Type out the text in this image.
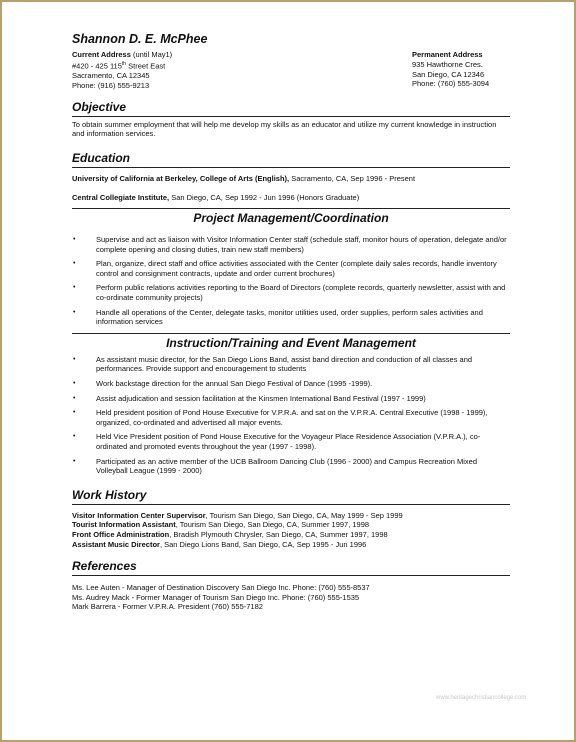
Shannon D. E. McPhee
Current Address (until May1)
#420 - 425 115th Street East
Sacramento, CA 12345
Phone: (916) 555-9213
Permanent Address
935 Hawthorne Cres.
San Diego, CA 12346
Phone: (760) 555-3094
Objective

To obtain summer employment that will help me develop my skills as an educator and utilize my current knowledge in instruction and information services.

Education

University of California at Berkeley, College of Arts (English), Sacramento, CA, Sep 1996 - Present

Central Collegiate Institute, San Diego, CA, Sep 1992 - Jun 1996 (Honors Graduate)

Project Management/Coordination
•	Supervise and act as liaison with Visitor Information Center staff (schedule staff, monitor hours of operation, delegate and/or complete opening and closing duties, train new staff members)
•	Plan, organize, direct staff and office activities associated with the Center (complete daily sales records, handle inventory control and consignment contracts, update and order current brochures)
•	Perform public relations activities reporting to the Board of Directors (complete records, quarterly newsletter, assist with and co-ordinate community projects)
•	Handle all operations of the Center, delegate tasks, monitor utilities used, order supplies, perform sales activities and information services
Instruction/Training and Event Management
•	As assistant music director, for the San Diego Lions Band, assist band direction and conduction of all classes and performances. Provide support and encouragement to students
•	Work backstage direction for the annual San Diego Festival of Dance (1995 -1999).
•	Assist adjudication and session facilitation at the Kinsmen International Band Festival (1997 - 1999)
•	Held president position of Pond House Executive for V.P.R.A. and sat on the V.P.R.A. Central Executive (1998 - 1999), organized, co-ordinated and advertised all major events.
•	Held Vice President position of Pond House Executive for the Voyageur Place Residence Association (V.P.R.A.), co-ordinated and promoted events throughout the year (1997 - 1998).
•	Participated as an active member of the UCB Ballroom Dancing Club (1996 - 2000) and Campus Recreation Mixed Volleyball League (1999 - 2000)
Work History

Visitor Information Center Supervisor, Tourism San Diego, San Diego, CA, May 1999 - Sep 1999

Tourist Information Assistant, Tourism San Diego, San Diego, CA, Summer 1997, 1998

Front Office Administration, Bradish Plymouth Chrysler, San Diego, CA, Summer 1997, 1998

Assistant Music Director, San Diego Lions Band, San Diego, CA, Sep 1995 - Jun 1996

References

Ms. Lee Auten - Manager of Destination Discovery San Diego Inc. Phone: (760) 555-8537

Ms. Audrey Mack - Former Manager of Tourism San Diego Inc. Phone: (760) 555-1535

Mark Barrera - Former V.P.R.A. President (760) 555-7182

www.heritagechristiancollege.com
